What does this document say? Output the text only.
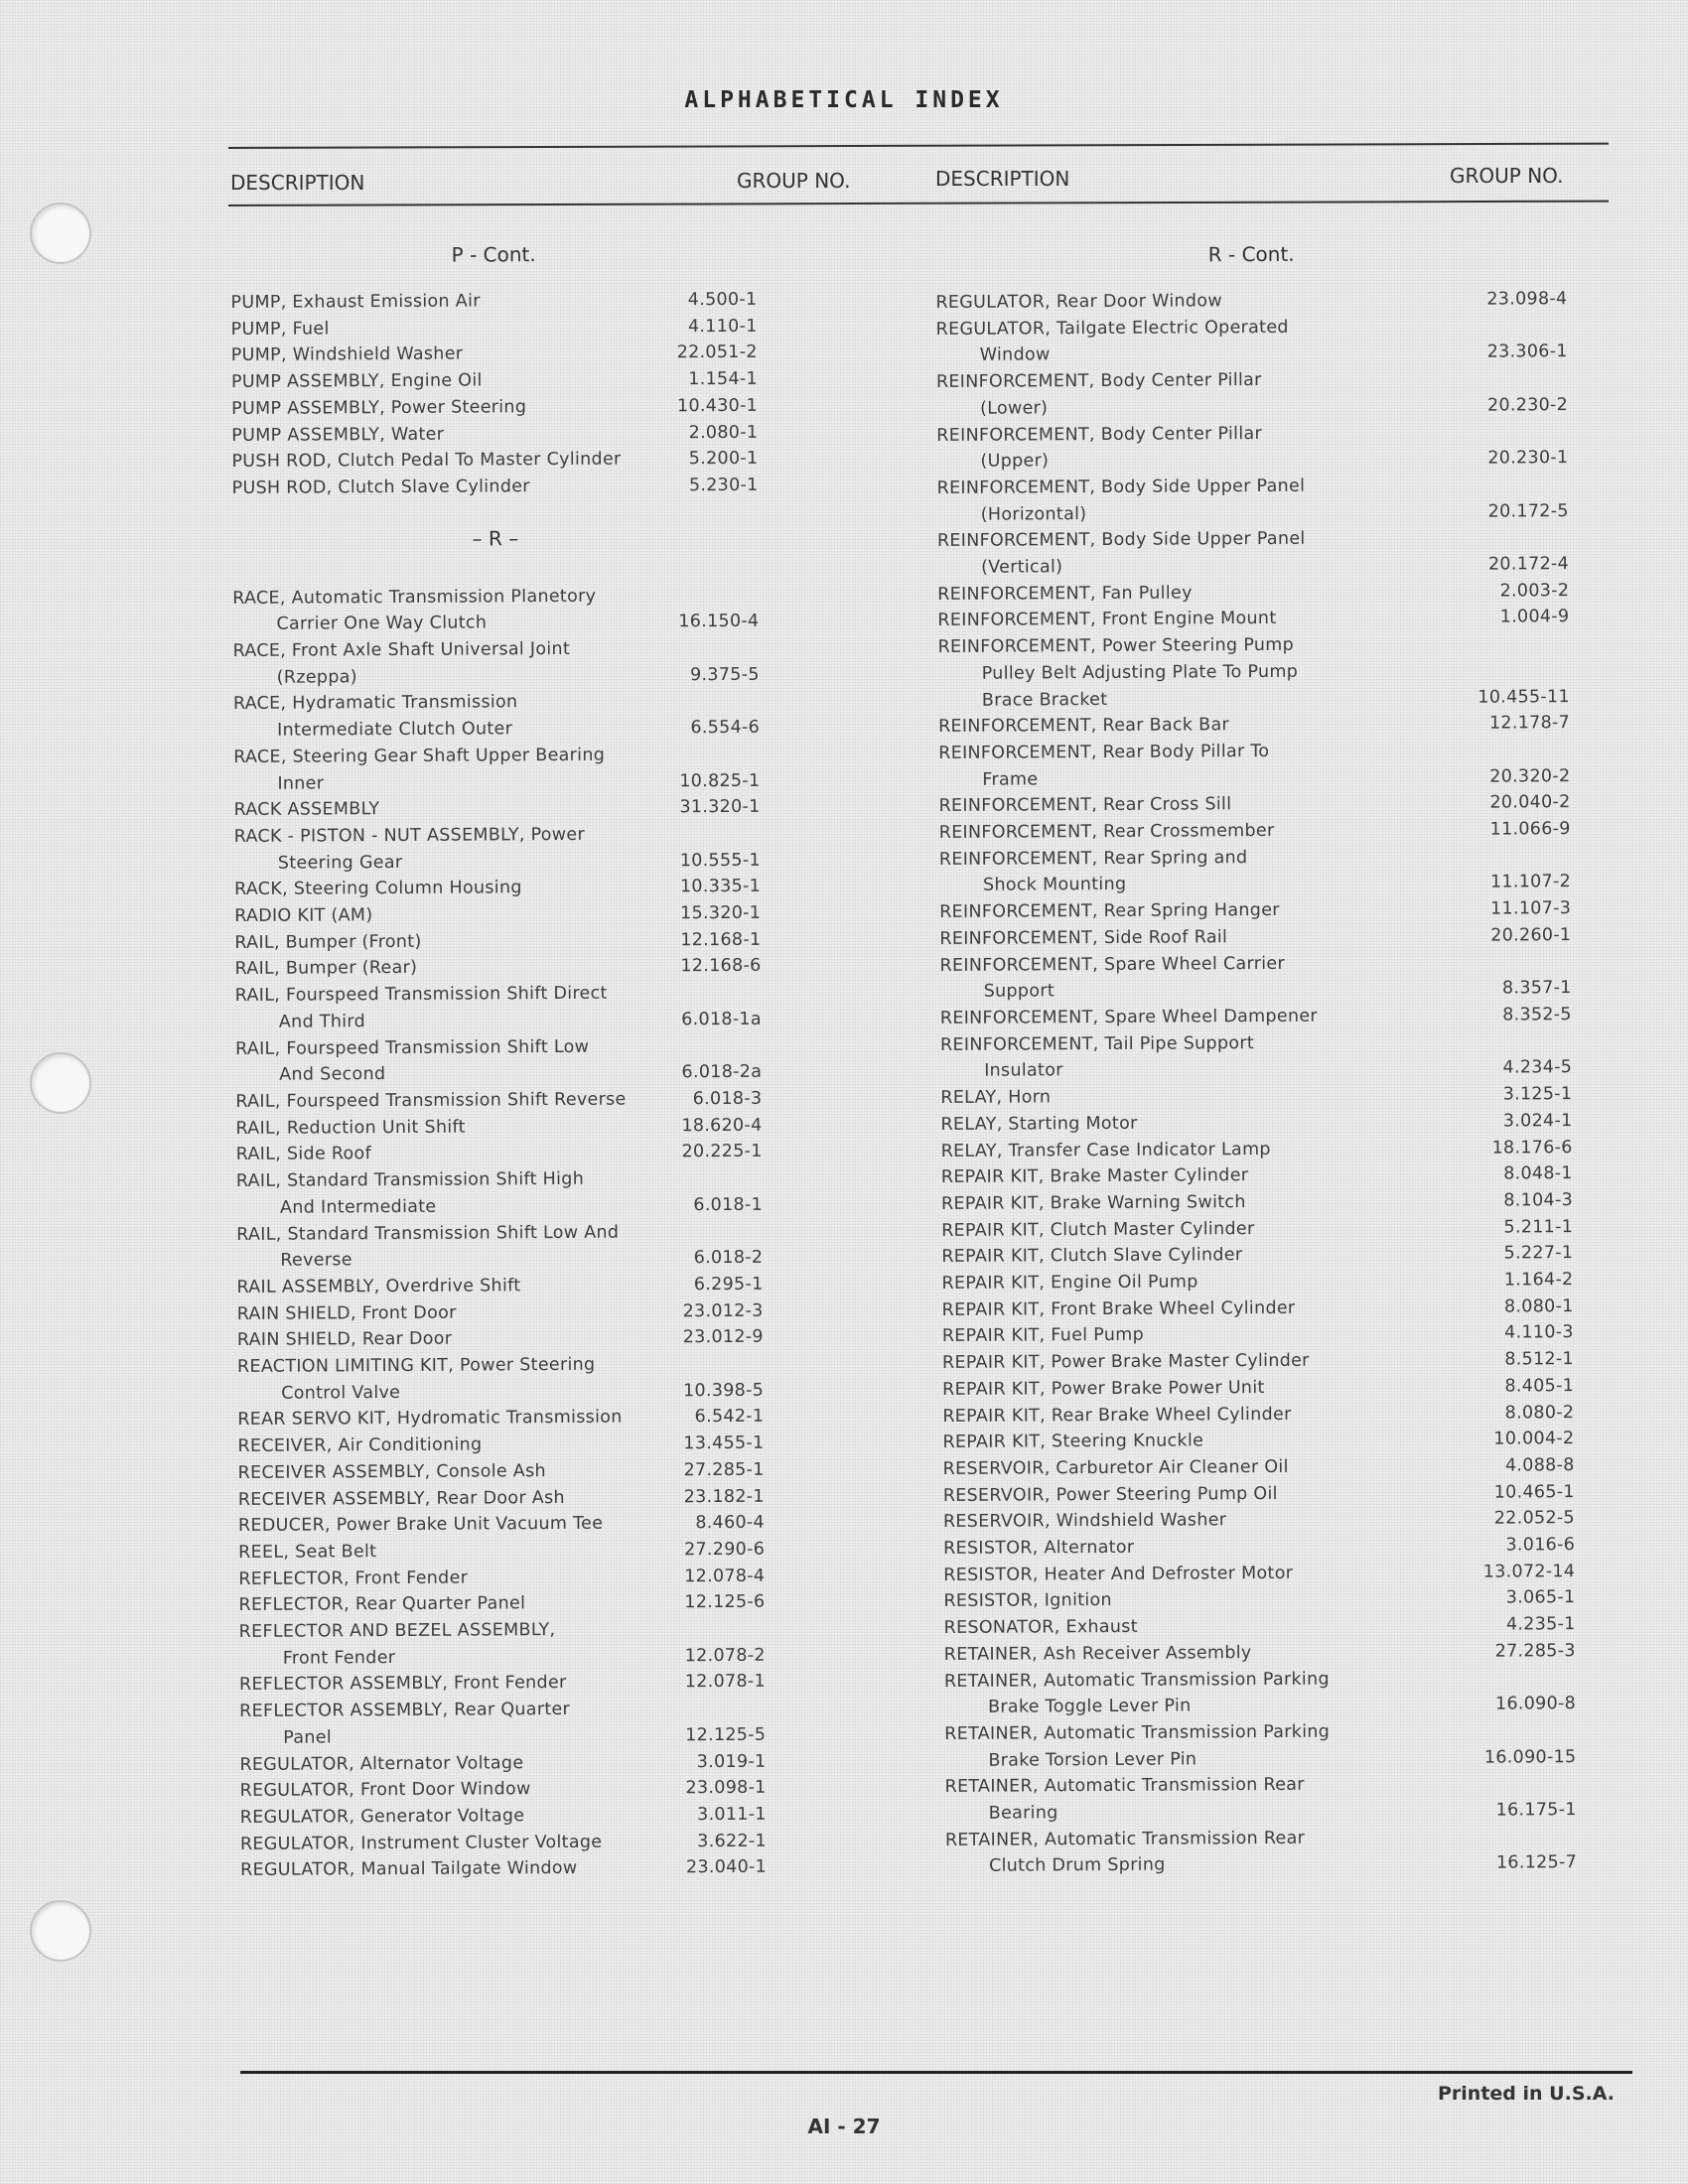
ALPHABETICAL INDEX
DESCRIPTION	GROUP NO.	DESCRIPTION	GROUP NO.
P - Cont.
PUMP, Exhaust Emission Air	4.500-1
PUMP, Fuel	4.110-1
PUMP, Windshield Washer	22.051-2
PUMP ASSEMBLY, Engine Oil	1.154-1
PUMP ASSEMBLY, Power Steering	10.430-1
PUMP ASSEMBLY, Water	2.080-1
PUSH ROD, Clutch Pedal To Master Cylinder	5.200-1
PUSH ROD, Clutch Slave Cylinder	5.230-1
– R –
RACE, Automatic Transmission Planetory
Carrier One Way Clutch	16.150-4
RACE, Front Axle Shaft Universal Joint
(Rzeppa)	9.375-5
RACE, Hydramatic Transmission
Intermediate Clutch Outer	6.554-6
RACE, Steering Gear Shaft Upper Bearing
Inner	10.825-1
RACK ASSEMBLY	31.320-1
RACK - PISTON - NUT ASSEMBLY, Power
Steering Gear	10.555-1
RACK, Steering Column Housing	10.335-1
RADIO KIT (AM)	15.320-1
RAIL, Bumper (Front)	12.168-1
RAIL, Bumper (Rear)	12.168-6
RAIL, Fourspeed Transmission Shift Direct
And Third	6.018-1a
RAIL, Fourspeed Transmission Shift Low
And Second	6.018-2a
RAIL, Fourspeed Transmission Shift Reverse	6.018-3
RAIL, Reduction Unit Shift	18.620-4
RAIL, Side Roof	20.225-1
RAIL, Standard Transmission Shift High
And Intermediate	6.018-1
RAIL, Standard Transmission Shift Low And
Reverse	6.018-2
RAIL ASSEMBLY, Overdrive Shift	6.295-1
RAIN SHIELD, Front Door	23.012-3
RAIN SHIELD, Rear Door	23.012-9
REACTION LIMITING KIT, Power Steering
Control Valve	10.398-5
REAR SERVO KIT, Hydromatic Transmission	6.542-1
RECEIVER, Air Conditioning	13.455-1
RECEIVER ASSEMBLY, Console Ash	27.285-1
RECEIVER ASSEMBLY, Rear Door Ash	23.182-1
REDUCER, Power Brake Unit Vacuum Tee	8.460-4
REEL, Seat Belt	27.290-6
REFLECTOR, Front Fender	12.078-4
REFLECTOR, Rear Quarter Panel	12.125-6
REFLECTOR AND BEZEL ASSEMBLY,
Front Fender	12.078-2
REFLECTOR ASSEMBLY, Front Fender	12.078-1
REFLECTOR ASSEMBLY, Rear Quarter
Panel	12.125-5
REGULATOR, Alternator Voltage	3.019-1
REGULATOR, Front Door Window	23.098-1
REGULATOR, Generator Voltage	3.011-1
REGULATOR, Instrument Cluster Voltage	3.622-1
REGULATOR, Manual Tailgate Window	23.040-1
R - Cont.
REGULATOR, Rear Door Window	23.098-4
REGULATOR, Tailgate Electric Operated
Window	23.306-1
REINFORCEMENT, Body Center Pillar
(Lower)	20.230-2
REINFORCEMENT, Body Center Pillar
(Upper)	20.230-1
REINFORCEMENT, Body Side Upper Panel
(Horizontal)	20.172-5
REINFORCEMENT, Body Side Upper Panel
(Vertical)	20.172-4
REINFORCEMENT, Fan Pulley	2.003-2
REINFORCEMENT, Front Engine Mount	1.004-9
REINFORCEMENT, Power Steering Pump
Pulley Belt Adjusting Plate To Pump
Brace Bracket	10.455-11
REINFORCEMENT, Rear Back Bar	12.178-7
REINFORCEMENT, Rear Body Pillar To
Frame	20.320-2
REINFORCEMENT, Rear Cross Sill	20.040-2
REINFORCEMENT, Rear Crossmember	11.066-9
REINFORCEMENT, Rear Spring and
Shock Mounting	11.107-2
REINFORCEMENT, Rear Spring Hanger	11.107-3
REINFORCEMENT, Side Roof Rail	20.260-1
REINFORCEMENT, Spare Wheel Carrier
Support	8.357-1
REINFORCEMENT, Spare Wheel Dampener	8.352-5
REINFORCEMENT, Tail Pipe Support
Insulator	4.234-5
RELAY, Horn	3.125-1
RELAY, Starting Motor	3.024-1
RELAY, Transfer Case Indicator Lamp	18.176-6
REPAIR KIT, Brake Master Cylinder	8.048-1
REPAIR KIT, Brake Warning Switch	8.104-3
REPAIR KIT, Clutch Master Cylinder	5.211-1
REPAIR KIT, Clutch Slave Cylinder	5.227-1
REPAIR KIT, Engine Oil Pump	1.164-2
REPAIR KIT, Front Brake Wheel Cylinder	8.080-1
REPAIR KIT, Fuel Pump	4.110-3
REPAIR KIT, Power Brake Master Cylinder	8.512-1
REPAIR KIT, Power Brake Power Unit	8.405-1
REPAIR KIT, Rear Brake Wheel Cylinder	8.080-2
REPAIR KIT, Steering Knuckle	10.004-2
RESERVOIR, Carburetor Air Cleaner Oil	4.088-8
RESERVOIR, Power Steering Pump Oil	10.465-1
RESERVOIR, Windshield Washer	22.052-5
RESISTOR, Alternator	3.016-6
RESISTOR, Heater And Defroster Motor	13.072-14
RESISTOR, Ignition	3.065-1
RESONATOR, Exhaust	4.235-1
RETAINER, Ash Receiver Assembly	27.285-3
RETAINER, Automatic Transmission Parking
Brake Toggle Lever Pin	16.090-8
RETAINER, Automatic Transmission Parking
Brake Torsion Lever Pin	16.090-15
RETAINER, Automatic Transmission Rear
Bearing	16.175-1
RETAINER, Automatic Transmission Rear
Clutch Drum Spring	16.125-7
Printed in U.S.A.
AI - 27
